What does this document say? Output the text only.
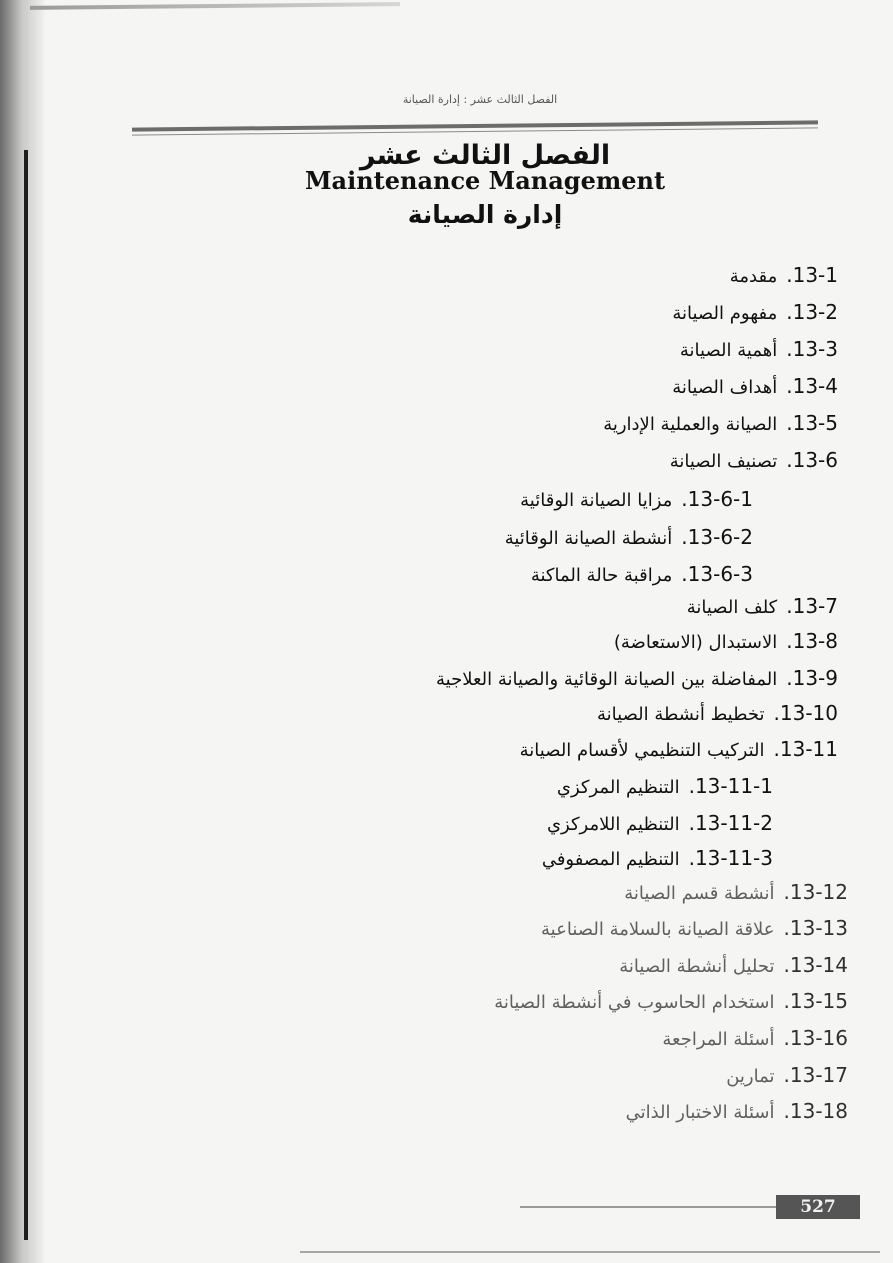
الفصل الثالث عشر : إدارة الصيانة
الفصل الثالث عشر
Maintenance Management
إدارة الصيانة
13-1.مقدمة
13-2.مفهوم الصيانة
13-3.أهمية الصيانة
13-4.أهداف الصيانة
13-5.الصيانة والعملية الإدارية
13-6.تصنيف الصيانة
13-6-1.مزايا الصيانة الوقائية
13-6-2.أنشطة الصيانة الوقائية
13-6-3.مراقبة حالة الماكنة
13-7.كلف الصيانة
13-8.الاستبدال (الاستعاضة)
13-9.المفاضلة بين الصيانة الوقائية والصيانة العلاجية
13-10.تخطيط أنشطة الصيانة
13-11.التركيب التنظيمي لأقسام الصيانة
13-11-1.التنظيم المركزي
13-11-2.التنظيم اللامركزي
13-11-3.التنظيم المصفوفي
13-12.أنشطة قسم الصيانة
13-13.علاقة الصيانة بالسلامة الصناعية
13-14.تحليل أنشطة الصيانة
13-15.استخدام الحاسوب في أنشطة الصيانة
13-16.أسئلة المراجعة
13-17.تمارين
13-18.أسئلة الاختبار الذاتي
527
